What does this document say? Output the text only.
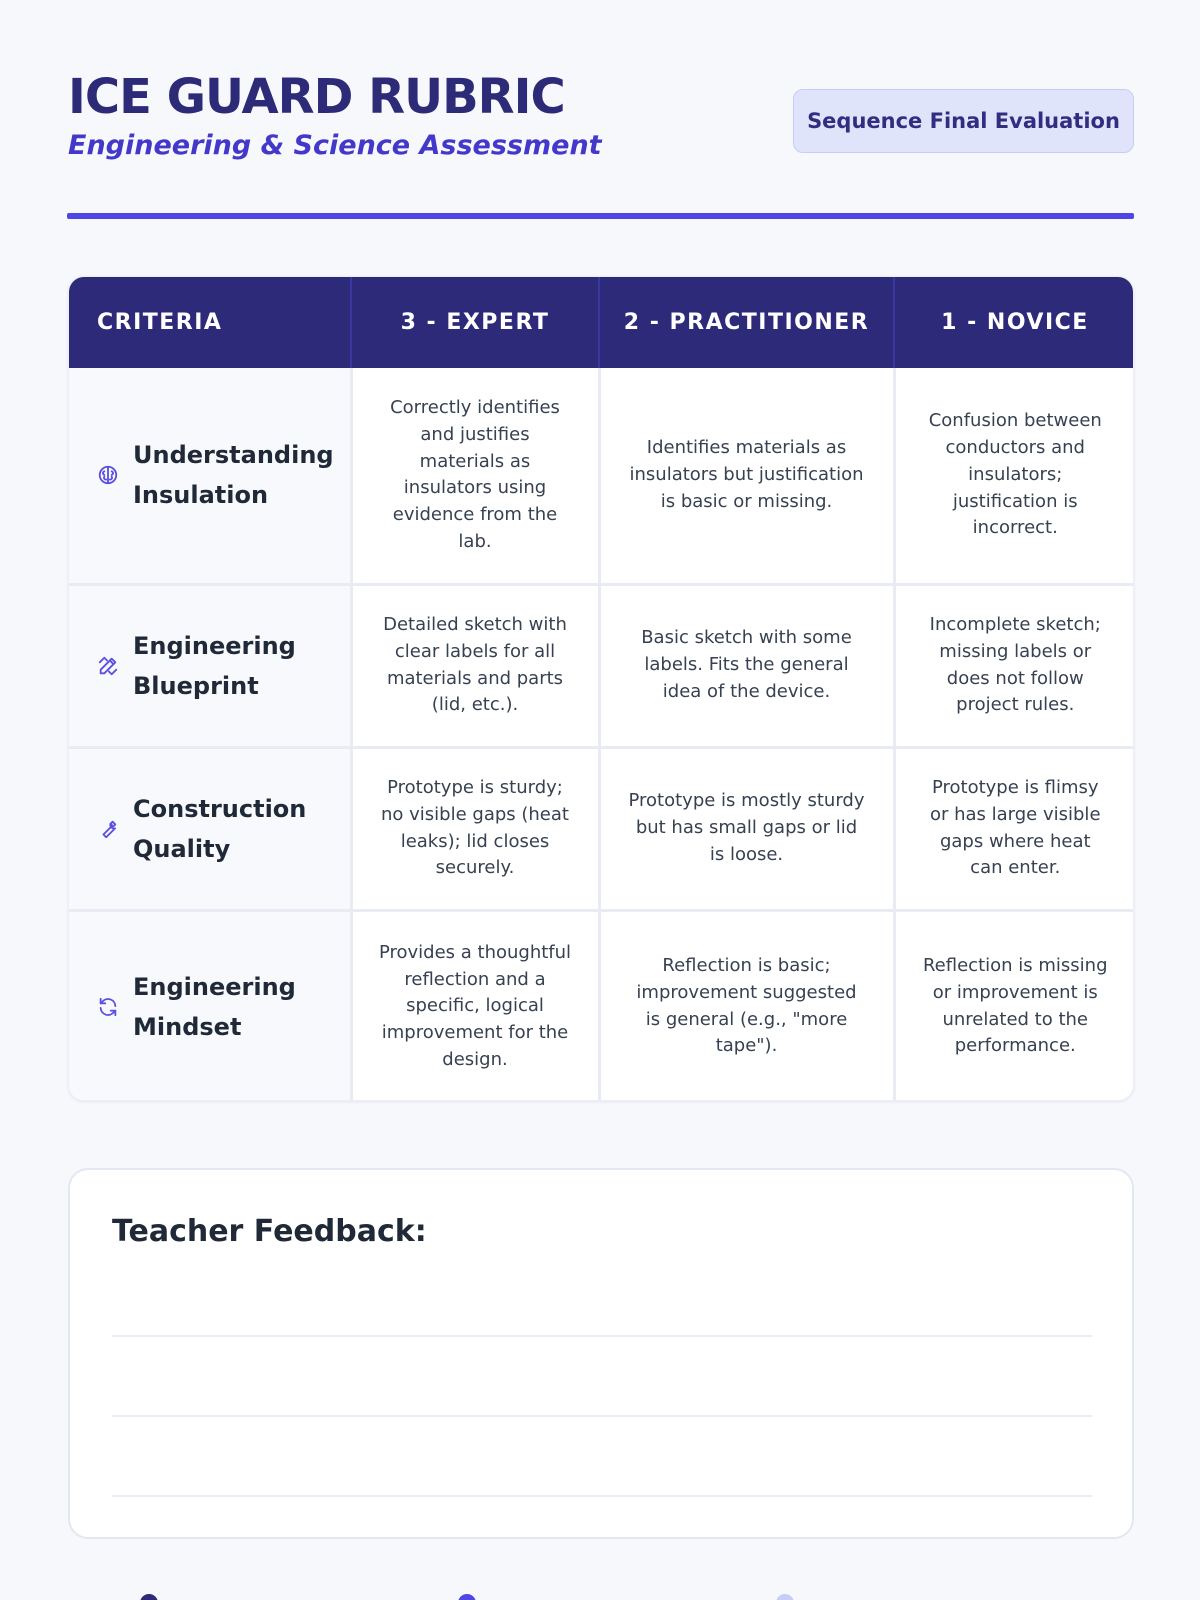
ICE GUARD RUBRIC
Engineering & Science Assessment
Sequence Final Evaluation
CRITERIA	3 - EXPERT	2 - PRACTITIONER	1 - NOVICE

Understanding Insulation	Correctly identifies and justifies materials as insulators using evidence from the lab.	Identifies materials as insulators but justification is basic or missing.	Confusion between conductors and insulators; justification is incorrect.

Engineering Blueprint	Detailed sketch with clear labels for all materials and parts (lid, etc.).	Basic sketch with some labels. Fits the general idea of the device.	Incomplete sketch; missing labels or does not follow project rules.

Construction Quality	Prototype is sturdy; no visible gaps (heat leaks); lid closes securely.	Prototype is mostly sturdy but has small gaps or lid is loose.	Prototype is flimsy or has large visible gaps where heat can enter.

Engineering Mindset	Provides a thoughtful reflection and a specific, logical improvement for the design.	Reflection is basic; improvement suggested is general (e.g., "more tape").	Reflection is missing or improvement is unrelated to the performance.
Teacher Feedback:
